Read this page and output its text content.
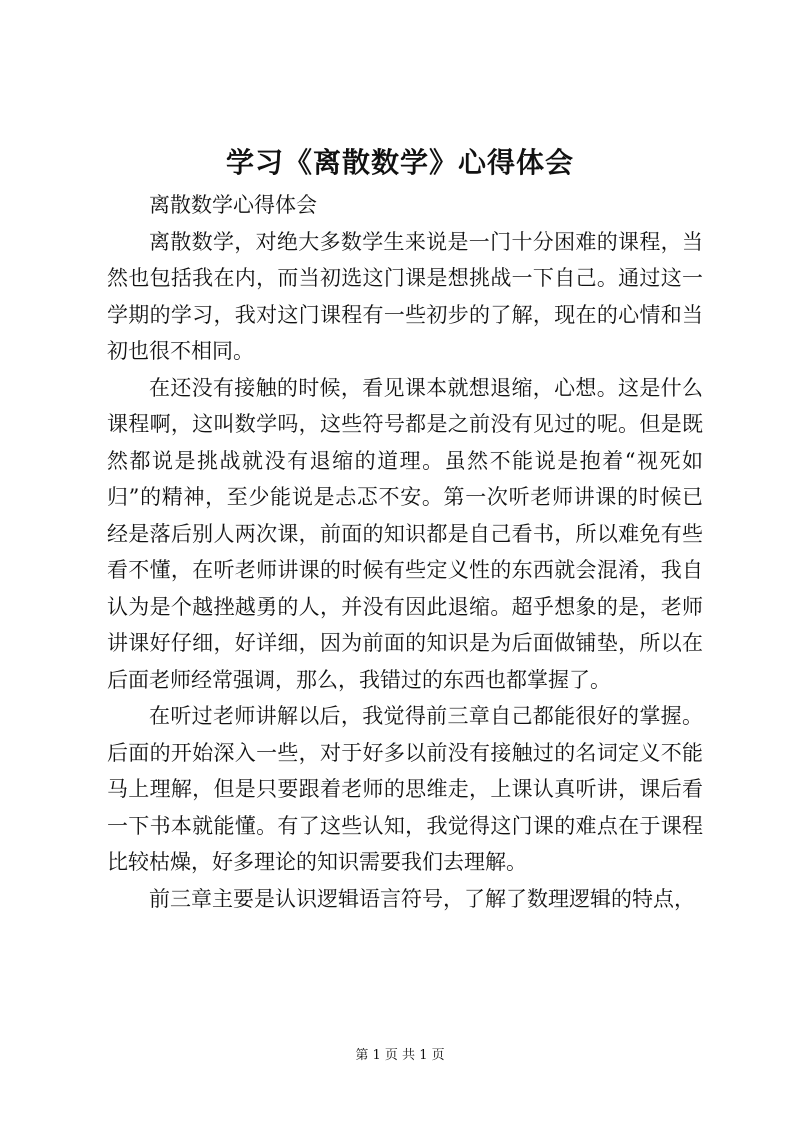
学习《离散数学》心得体会

离散数学心得体会

离散数学，对绝大多数学生来说是一门十分困难的课程，当然也包括我在内，而当初选这门课是想挑战一下自己。通过这一学期的学习，我对这门课程有一些初步的了解，现在的心情和当初也很不相同。

在还没有接触的时候，看见课本就想退缩，心想。这是什么课程啊，这叫数学吗，这些符号都是之前没有见过的呢。但是既然都说是挑战就没有退缩的道理。虽然不能说是抱着“视死如归”的精神，至少能说是忐忑不安。第一次听老师讲课的时候已经是落后别人两次课，前面的知识都是自己看书，所以难免有些看不懂，在听老师讲课的时候有些定义性的东西就会混淆，我自认为是个越挫越勇的人，并没有因此退缩。超乎想象的是，老师讲课好仔细，好详细，因为前面的知识是为后面做铺垫，所以在后面老师经常强调，那么，我错过的东西也都掌握了。

在听过老师讲解以后，我觉得前三章自己都能很好的掌握。后面的开始深入一些，对于好多以前没有接触过的名词定义不能马上理解，但是只要跟着老师的思维走，上课认真听讲，课后看一下书本就能懂。有了这些认知，我觉得这门课的难点在于课程比较枯燥，好多理论的知识需要我们去理解。

前三章主要是认识逻辑语言符号，了解了数理逻辑的特点，

第 1 页 共 1 页
